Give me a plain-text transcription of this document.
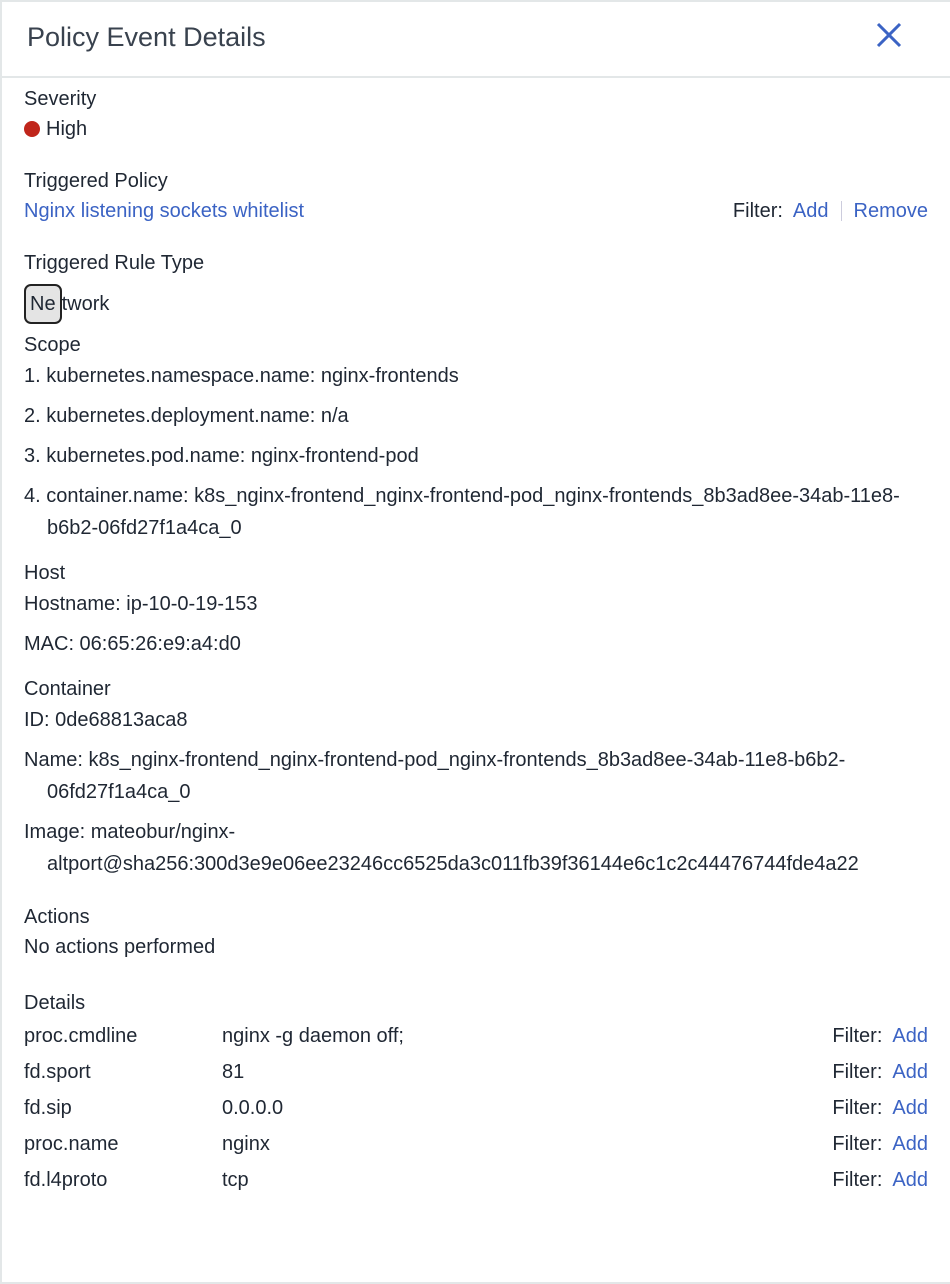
Policy Event Details
Severity
High
Triggered Policy
Nginx listening sockets whitelist	Filter: Add Remove
Triggered Rule Type
Ne twork
Scope
1. kubernetes.namespace.name: nginx-frontends
2. kubernetes.deployment.name: n/a
3. kubernetes.pod.name: nginx-frontend-pod
4. container.name: k8s_nginx-frontend_nginx-frontend-pod_nginx-frontends_8b3ad8ee-34ab-11e8-b6b2-06fd27f1a4ca_0
Host
Hostname: ip-10-0-19-153
MAC: 06:65:26:e9:a4:d0
Container
ID: 0de68813aca8
Name: k8s_nginx-frontend_nginx-frontend-pod_nginx-frontends_8b3ad8ee-34ab-11e8-b6b2-06fd27f1a4ca_0
Image: mateobur/nginx-
altport@sha256:300d3e9e06ee23246cc6525da3c011fb39f36144e6c1c2c44476744fde4a22
Actions
No actions performed
Details
proc.cmdline	nginx -g daemon off;	Filter: Add
fd.sport	81	Filter: Add
fd.sip	0.0.0.0	Filter: Add
proc.name	nginx	Filter: Add
fd.l4proto	tcp	Filter: Add
